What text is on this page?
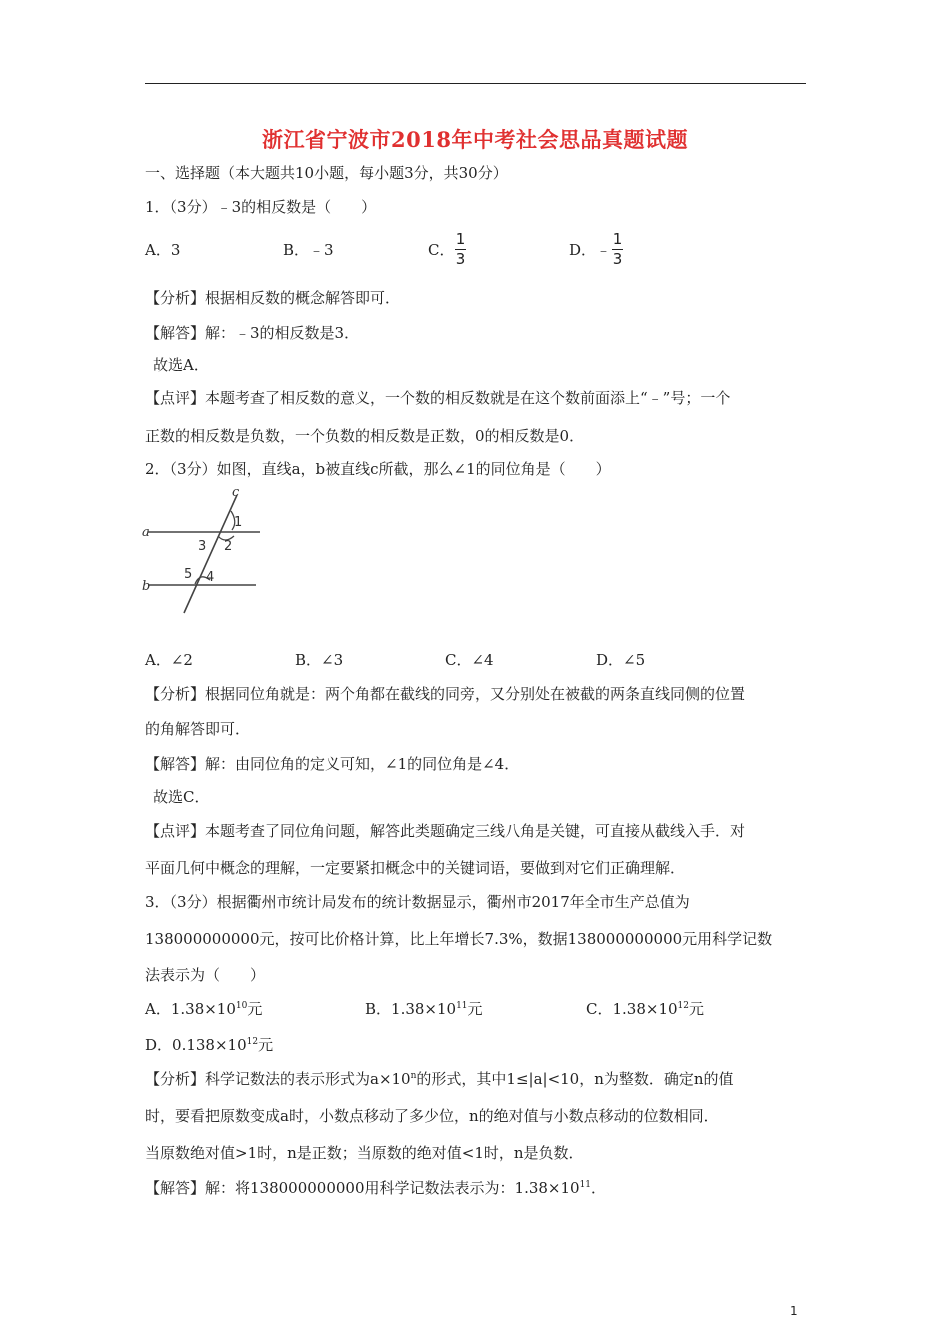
浙江省宁波市2018年中考社会思品真题试题
一、选择题（本大题共10小题，每小题3分，共30分）
1．（3分）﹣3的相反数是（　　）
A．3	B．﹣3	C．
1
3	D．﹣
1
3
【分析】根据相反数的概念解答即可．
【解答】解：﹣3的相反数是3．
故选A．
【点评】本题考查了相反数的意义，一个数的相反数就是在这个数前面添上“﹣”号；一个
正数的相反数是负数，一个负数的相反数是正数，0的相反数是0．
2．（3分）如图，直线a，b被直线c所截，那么∠1的同位角是（　　）
a
b
c
1
2
3
4
5
A．∠2	B．∠3	C．∠4	D．∠5
【分析】根据同位角就是：两个角都在截线的同旁，又分别处在被截的两条直线同侧的位置
的角解答即可．
【解答】解：由同位角的定义可知，∠1的同位角是∠4．
故选C．
【点评】本题考查了同位角问题，解答此类题确定三线八角是关键，可直接从截线入手．对
平面几何中概念的理解，一定要紧扣概念中的关键词语，要做到对它们正确理解．
3．（3分）根据衢州市统计局发布的统计数据显示，衢州市2017年全市生产总值为
138000000000元，按可比价格计算，比上年增长7.3%，数据138000000000元用科学记数
法表示为（　　）
A．$1.38\times 10^{10}$元	B．$1.38\times 10^{11}$元	C．$1.38\times 10^{12}$元
D．$0.138\times 10^{12}$元
【分析】科学记数法的表示形式为$a\times 10^n$的形式，其中1≤|a|<10，n为整数．确定n的值
时，要看把原数变成a时，小数点移动了多少位，n的绝对值与小数点移动的位数相同．
当原数绝对值>1时，n是正数；当原数的绝对值<1时，n是负数．
【解答】解：将138000000000用科学记数法表示为：$1.38\times 10^{11}$．
1
